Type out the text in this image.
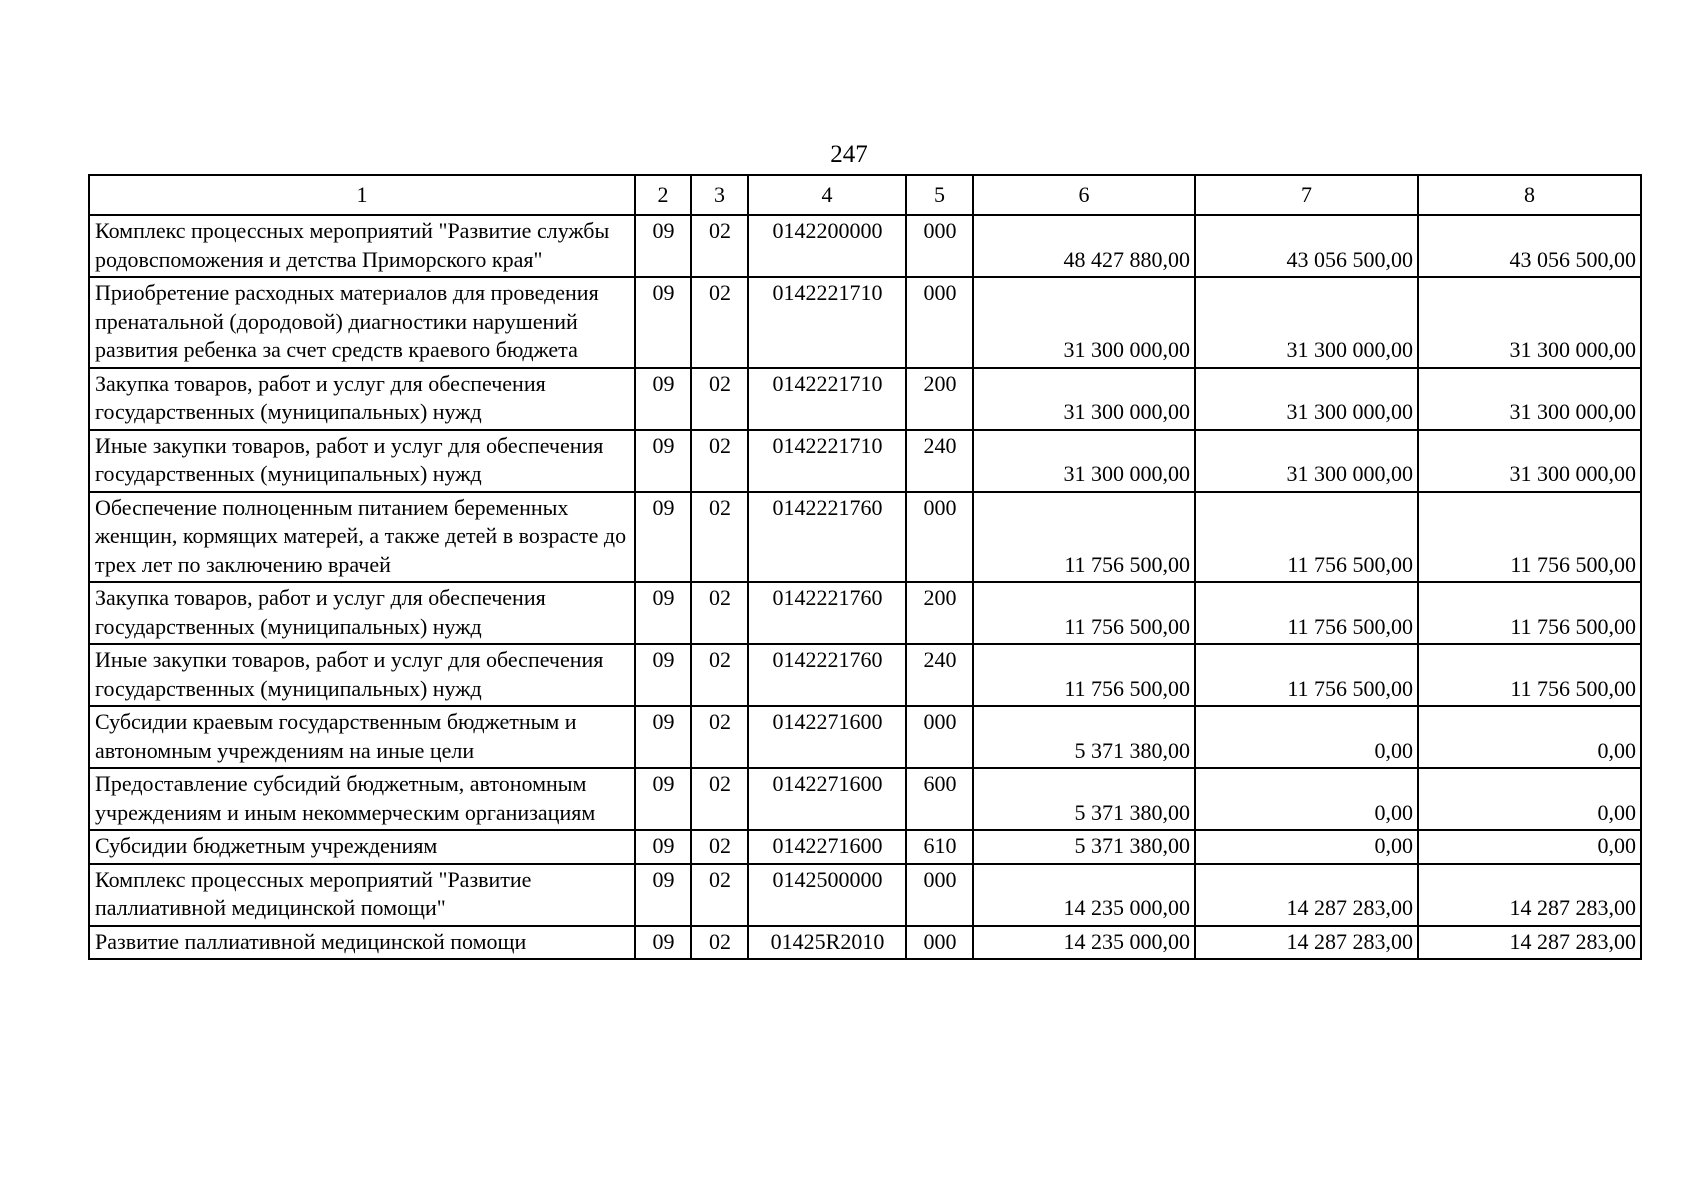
247
1	2	3	4	5	6	7	8
Комплекс процессных мероприятий "Развитие службы родовспоможения и детства Приморского края"	09	02	0142200000	000	48 427 880,00	43 056 500,00	43 056 500,00
Приобретение расходных материалов для проведения пренатальной (дородовой) диагностики нарушений развития ребенка за счет средств краевого бюджета	09	02	0142221710	000	31 300 000,00	31 300 000,00	31 300 000,00
Закупка товаров, работ и услуг для обеспечения государственных (муниципальных) нужд	09	02	0142221710	200	31 300 000,00	31 300 000,00	31 300 000,00
Иные закупки товаров, работ и услуг для обеспечения государственных (муниципальных) нужд	09	02	0142221710	240	31 300 000,00	31 300 000,00	31 300 000,00
Обеспечение полноценным питанием беременных женщин, кормящих матерей, а также детей в возрасте до трех лет по заключению врачей	09	02	0142221760	000	11 756 500,00	11 756 500,00	11 756 500,00
Закупка товаров, работ и услуг для обеспечения государственных (муниципальных) нужд	09	02	0142221760	200	11 756 500,00	11 756 500,00	11 756 500,00
Иные закупки товаров, работ и услуг для обеспечения государственных (муниципальных) нужд	09	02	0142221760	240	11 756 500,00	11 756 500,00	11 756 500,00
Субсидии краевым государственным бюджетным и автономным учреждениям на иные цели	09	02	0142271600	000	5 371 380,00	0,00	0,00
Предоставление субсидий бюджетным, автономным учреждениям и иным некоммерческим организациям	09	02	0142271600	600	5 371 380,00	0,00	0,00
Субсидии бюджетным учреждениям	09	02	0142271600	610	5 371 380,00	0,00	0,00
Комплекс процессных мероприятий "Развитие паллиативной медицинской помощи"	09	02	0142500000	000	14 235 000,00	14 287 283,00	14 287 283,00
Развитие паллиативной медицинской помощи	09	02	01425R2010	000	14 235 000,00	14 287 283,00	14 287 283,00
